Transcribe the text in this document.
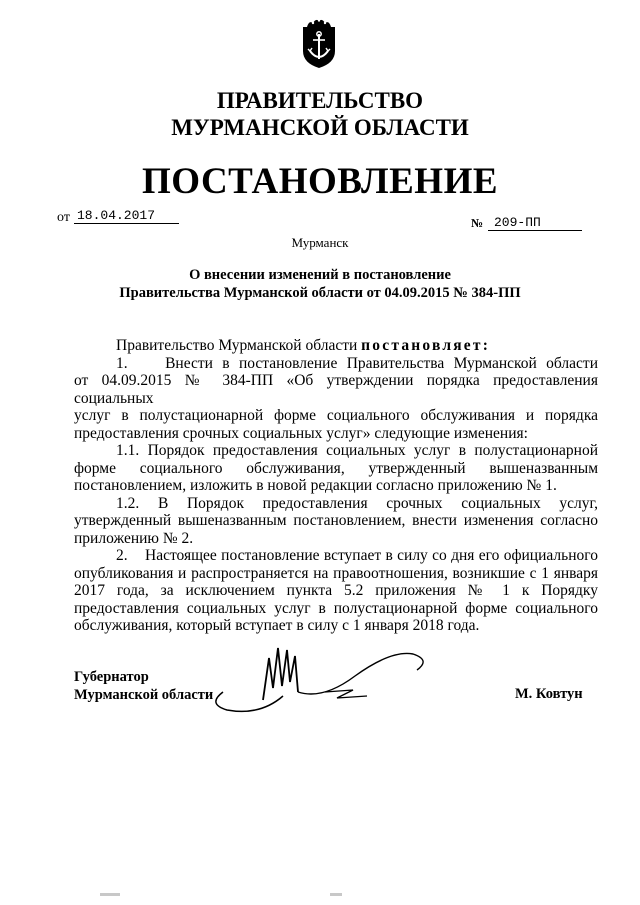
ПРАВИТЕЛЬСТВО
МУРМАНСКОЙ ОБЛАСТИ
ПОСТАНОВЛЕНИЕ
от 18.04.2017	№ 209-ПП
Мурманск
О внесении изменений в постановление
Правительства Мурманской области от 04.09.2015 № 384-ПП

Правительство Мурманской области постановляет:

1.    Внести в постановление Правительства Мурманской области
от 04.09.2015 № 384-ПП «Об утверждении порядка предоставления социальных
услуг в полустационарной форме социального обслуживания и порядка
предоставления срочных социальных услуг» следующие изменения:
1.1. Порядок предоставления социальных услуг в полустационарной
форме социального обслуживания, утвержденный вышеназванным
постановлением, изложить в новой редакции согласно приложению № 1.
1.2. В Порядок предоставления срочных социальных услуг,
утвержденный вышеназванным постановлением, внести изменения согласно
приложению № 2.
2.    Настоящее постановление вступает в силу со дня его официального
опубликования и распространяется на правоотношения, возникшие с 1 января
2017 года, за исключением пункта 5.2 приложения № 1 к Порядку
предоставления социальных услуг в полустационарной форме социального
обслуживания, который вступает в силу с 1 января 2018 года.
Губернатор
Мурманской области	М. Ковтун
